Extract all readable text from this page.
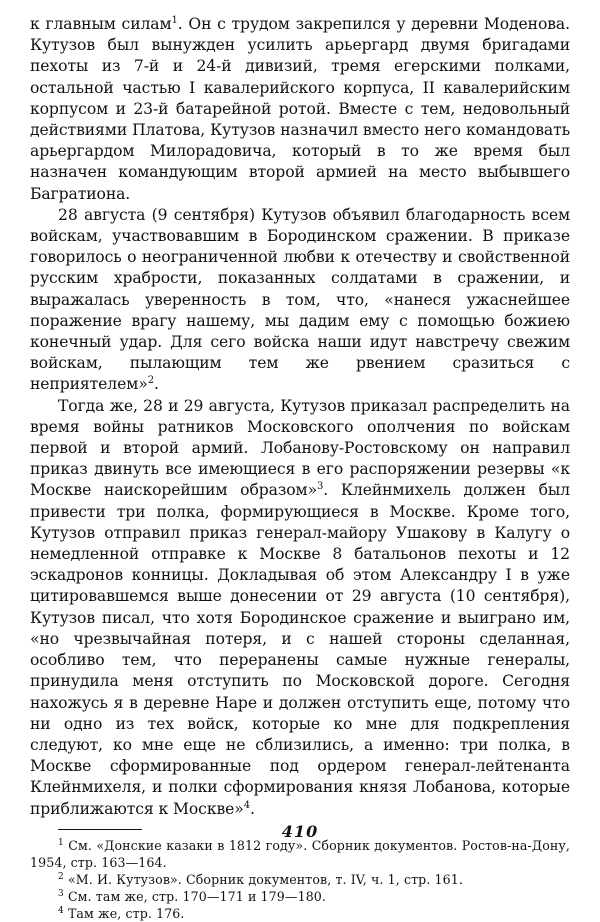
к главным силам$^1$. Он с трудом закрепился у деревни Моденова. Кутузов был вынужден усилить арьергард двумя бригадами пехоты из 7-й и 24-й дивизий, тремя егерскими полками, остальной частью I кавалерийского корпуса, II кавалерийским корпусом и 23-й батарейной ротой. Вместе с тем, недовольный действиями Платова, Кутузов назначил вместо него командовать арьергардом Милорадовича, который в то же время был назначен командующим второй армией на место выбывшего Багратиона.

28 августа (9 сентября) Кутузов объявил благодарность всем войскам, участвовавшим в Бородинском сражении. В приказе говорилось о неограниченной любви к отечеству и свойственной русским храбрости, показанных солдатами в сражении, и выражалась уверенность в том, что, «нанеся ужаснейшее поражение врагу нашему, мы дадим ему с помощью божиею конечный удар. Для сего войска наши идут навстречу свежим войскам, пылающим тем же рвением сразиться с неприятелем»$^2$.

Тогда же, 28 и 29 августа, Кутузов приказал распределить на время войны ратников Московского ополчения по войскам первой и второй армий. Лобанову-Ростовскому он направил приказ двинуть все имеющиеся в его распоряжении резервы «к Москве наискорейшим образом»$^3$. Клейнмихель должен был привести три полка, формирующиеся в Москве. Кроме того, Кутузов отправил приказ генерал-майору Ушакову в Калугу о немедленной отправке к Москве 8 батальонов пехоты и 12 эскадронов конницы. Докладывая об этом Александру I в уже цитировавшемся выше донесении от 29 августа (10 сентября), Кутузов писал, что хотя Бородинское сражение и выиграно им, «но чрезвычайная потеря, и с нашей стороны сделанная, особливо тем, что переранены самые нужные генералы, принудила меня отступить по Московской дороге. Сегодня нахожусь я в деревне Наре и должен отступить еще, потому что ни одно из тех войск, которые ко мне для подкрепления следуют, ко мне еще не сблизились, а именно: три полка, в Москве сформированные под ордером генерал-лейтенанта Клейнмихеля, и полки сформирования князя Лобанова, которые приближаются к Москве»$^4$.

$^1$ См. «Донские казаки в 1812 году». Сборник документов. Ростов-на-Дону, 1954, стр. 163—164.

$^2$ «М. И. Кутузов». Сборник документов, т. IV, ч. 1, стр. 161.

$^3$ См. там же, стр. 170—171 и 179—180.

$^4$ Там же, стр. 176.

410
